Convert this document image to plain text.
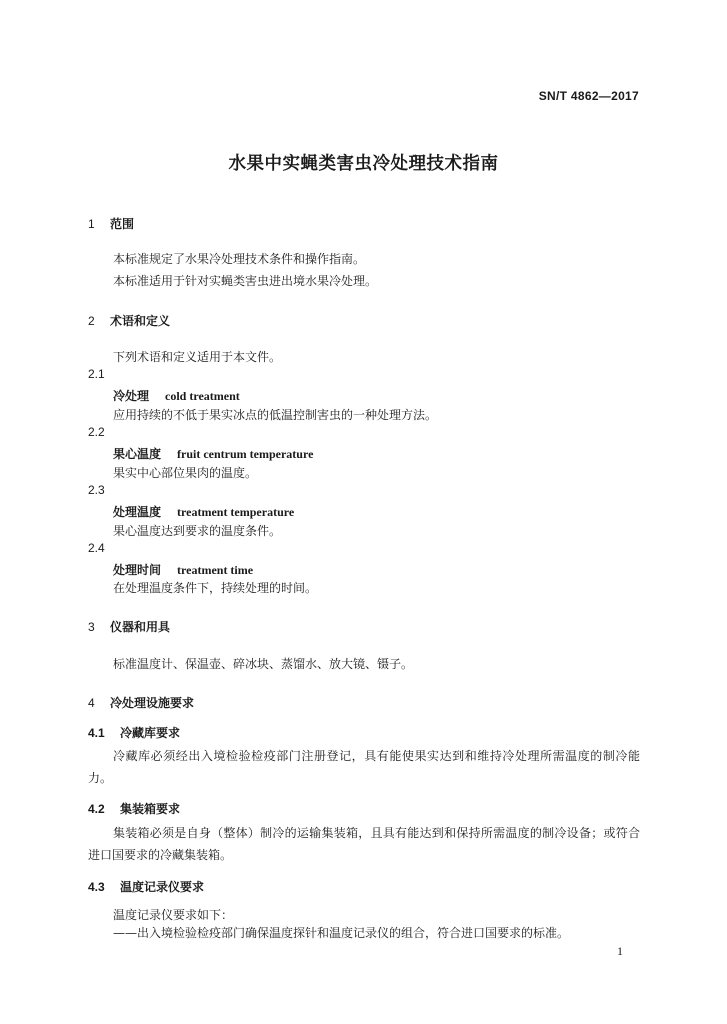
SN/T 4862—2017
水果中实蝇类害虫冷处理技术指南
1 范围
本标准规定了水果冷处理技术条件和操作指南。
本标准适用于针对实蝇类害虫进出境水果冷处理。
2 术语和定义
下列术语和定义适用于本文件。
2.1
冷处理 cold treatment
应用持续的不低于果实冰点的低温控制害虫的一种处理方法。
2.2
果心温度 fruit centrum temperature
果实中心部位果肉的温度。
2.3
处理温度 treatment temperature
果心温度达到要求的温度条件。
2.4
处理时间 treatment time
在处理温度条件下，持续处理的时间。
3 仪器和用具
标准温度计、保温壶、碎冰块、蒸馏水、放大镜、镊子。
4 冷处理设施要求
4.1 冷藏库要求
冷藏库必须经出入境检验检疫部门注册登记，具有能使果实达到和维持冷处理所需温度的制冷能力。
4.2 集装箱要求
集装箱必须是自身（整体）制冷的运输集装箱，且具有能达到和保持所需温度的制冷设备；或符合进口国要求的冷藏集装箱。
4.3 温度记录仪要求
温度记录仪要求如下：
——出入境检验检疫部门确保温度探针和温度记录仪的组合，符合进口国要求的标准。
1
